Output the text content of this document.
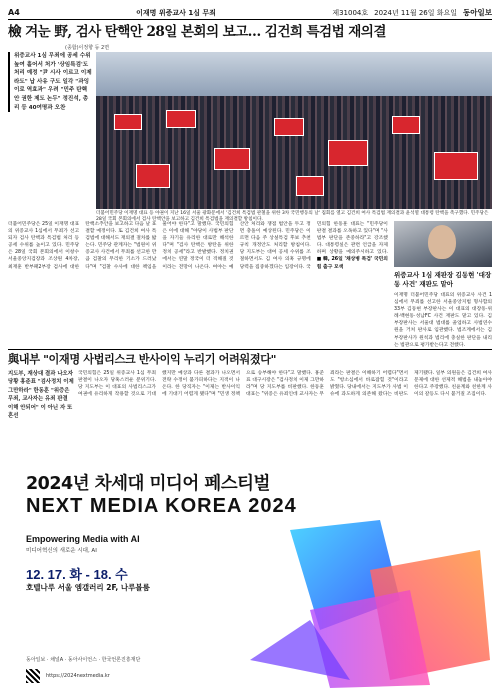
A4	이재명 위증교사 1심 무죄	제31004호 2024년 11월 26일 화요일 동아일보
檢 겨눈 野, 검사 탄핵안 28일 본회의 보고… 김건희 특검법 재의결
(종합)이정향 등 2면
위증교사 1심 무죄에 공세 수위 높여 홀어서 처가 '상임특검'도 처리 예정 "尹 시사 이르고 이제라도" 납 사유 구도 일각 "과잉 이로 역효과" 우려 "민주 탄핵안 권한 제도 논두" 정진석, 총리 등 40여명과 오찬
더불어민주당 이재명 대표 등 야권이 지난 16일 서울 광화문에서 '김건희 특검법 관철을 위한 3차 국민행동의 날' 집회를 열고 김건희 여사 특검법 재의결과 윤석열 대통령 탄핵을 촉구했다. 민주당은 28일 국회 본회의에서 검사 탄핵안을 보고하고 김건희 특검법을 재의결할 방침이다.
더불어민주당은 25일 이재명 대표의 위증교사 1심에서 무죄가 선고되자 검사 탄핵과 특검법 처리 등 공세 수위를 높이고 있다. 민주당은 28일 국회 본회의에서 이창수 서울중앙지검장과 조상원 4차장, 최재훈 반부패2부장 검사에 대한 탄핵소추안을 보고하고 다음 날 표결할 예정이다. 또 김건희 여사 특검법에 대해서도 재의결 절차를 밟는다. 민주당 관계자는 "법원이 위증교사 사건에서 무죄를 선고한 만큼 검찰의 무리한 기소가 드러났다"며 "검찰 수사에 대한 책임을 물어야 한다"고 말했다. 국민의힘은 이에 대해 "야당이 사법부 판단을 자기들 유리한 대로만 해석한다"며 "검사 탄핵은 방탄을 위한 정치 공세"라고 반발했다. 정치권에서는 연말 정국이 더 격해질 것이라는 전망이 나온다. 여야는 예산안 처리와 쟁점 법안을 두고 정면 충돌이 예상된다. 민주당은 이르면 다음 주 상설특검 후보 추천 규칙 개정안도 처리할 방침이다. 당 지도부는 대여 공세 수위를 조절하면서도 김 여사 의혹 규명에 당력을 집중하겠다는 입장이다. 국민의힘 한동훈 대표는 "민주당이 판결 결과를 오독하고 있다"며 "사법부 판단을 존중하라"고 강조했다. 대통령실은 관련 언급을 자제하며 상황을 예의주시하고 있다. ■ 韓, 26일 '채상병 특검' 국민의힘 출구 모색
위증교사 1심 재판장 김동현 '대장동 사건' 재판도 맡아
이재명 더불어민주당 대표의 위증교사 사건 1심에서 무죄를 선고한 서울중앙지법 형사합의33부 김동현 부장판사는 이 대표의 대장동·위례·백현동·성남FC 사건 재판도 맡고 있다. 김 부장판사는 서울대 법대를 졸업하고 사법연수원을 거쳐 판사로 임관했다. 법조계에서는 김 부장판사가 원칙과 법리에 충실한 판단을 내리는 법관으로 평가받는다고 전했다.
與내부 "이재명 사법리스크 반사이익 누리기 어려워졌다"
지도부, 재상대 결과 나오자 당황 홍준표 "검사정치 이제 그만하라" 한동훈 "위증은 무죄, 교사자는 유죄 판결 이해 안되어" 이 아닌 자 또 혼선
국민의힘은 25일 위증교사 1심 무죄 판결이 나오자 당혹스러운 분위기다. 당 지도부는 이 대표의 사법리스크가 여권에 유리하게 작용할 것으로 기대했지만 예상과 다른 결과가 나오면서 전략 수정이 불가피하다는 지적이 나온다. 한 당직자는 "이제는 반사이익에 기대기 어렵게 됐다"며 "민생 정책으로 승부해야 한다"고 말했다. 홍준표 대구시장은 "검사정치 이제 그만하라"며 당 지도부를 비판했다. 한동훈 대표는 "위증은 유죄인데 교사자는 무죄라는 판결은 이해하기 어렵다"면서도 "항소심에서 바로잡힐 것"이라고 밝혔다. 당내에서는 지도부가 사법 이슈에 과도하게 의존해 왔다는 비판도 제기됐다. 일부 의원들은 김건희 여사 문제에 대한 선제적 해법을 내놓아야 한다고 주장했다. 친윤계와 친한계 사이의 갈등도 다시 불거질 조짐이다.
2024년 차세대 미디어 페스티벌
NEXT MEDIA KOREA 2024
Empowering Media with AI
미디어혁신의 새로운 시대, AI
12. 17. 화 - 18. 수
호텔나루 서울 엠갤러리 2F, 나루볼룸
동아일보 · 채널A · 동아사이언스 · 한국언론진흥재단
https://2024nextmedia.kr
